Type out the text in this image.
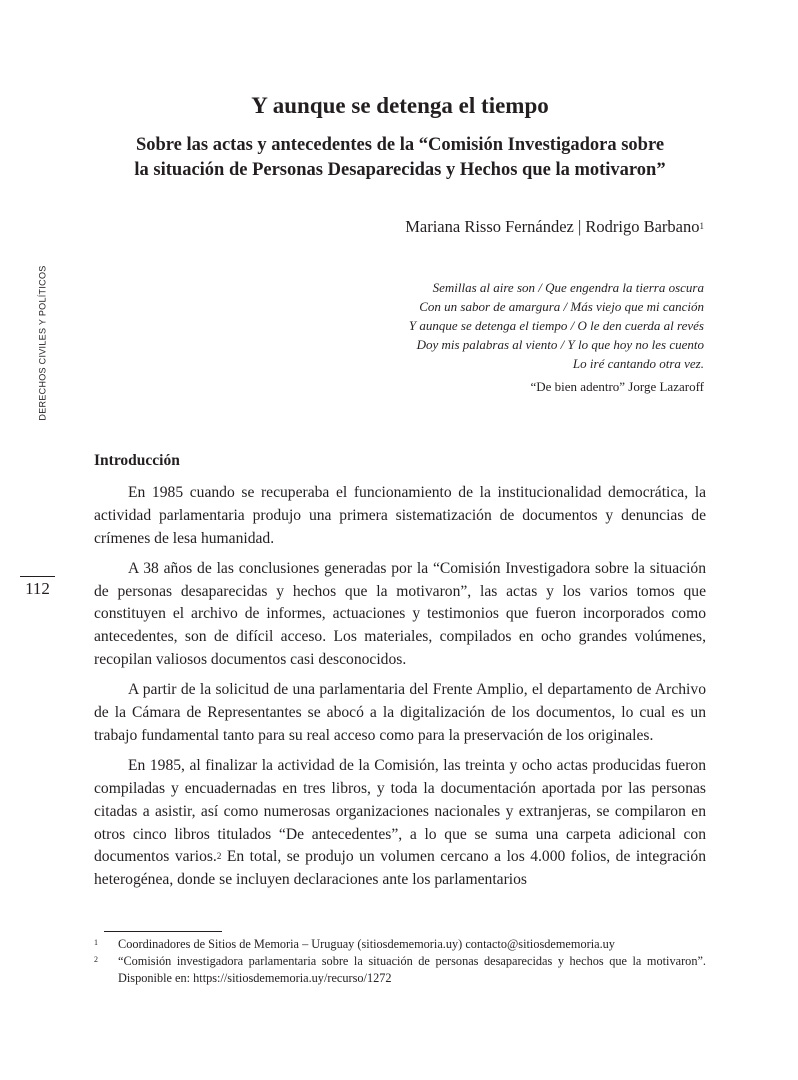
Y aunque se detenga el tiempo
Sobre las actas y antecedentes de la “Comisión Investigadora sobre
la situación de Personas Desaparecidas y Hechos que la motivaron”
Mariana Risso Fernández | Rodrigo Barbano$^1$
DERECHOS CIVILES Y POLÍTICOS
112
Semillas al aire son / Que engendra la tierra oscura
Con un sabor de amargura / Más viejo que mi canción
Y aunque se detenga el tiempo / O le den cuerda al revés
Doy mis palabras al viento / Y lo que hoy no les cuento
Lo iré cantando otra vez.
“De bien adentro” Jorge Lazaroff
Introducción

En 1985 cuando se recuperaba el funcionamiento de la institucionalidad democrática, la actividad parlamentaria produjo una primera sistematización de documentos y denuncias de crímenes de lesa humanidad.

A 38 años de las conclusiones generadas por la “Comisión Investigadora sobre la situación de personas desaparecidas y hechos que la motivaron”, las actas y los varios tomos que constituyen el archivo de informes, actuaciones y testimonios que fueron incorporados como antecedentes, son de difícil acceso. Los materiales, compilados en ocho grandes volúmenes, recopilan valiosos documentos casi desconocidos.

A partir de la solicitud de una parlamentaria del Frente Amplio, el departamento de Archivo de la Cámara de Representantes se abocó a la digitalización de los documentos, lo cual es un trabajo fundamental tanto para su real acceso como para la preservación de los originales.

En 1985, al finalizar la actividad de la Comisión, las treinta y ocho actas producidas fueron compiladas y encuadernadas en tres libros, y toda la documentación aportada por las personas citadas a asistir, así como numerosas organizaciones nacionales y extranjeras, se compilaron en otros cinco libros titulados “De antecedentes”, a lo que se suma una carpeta adicional con documentos varios.$^2$ En total, se produjo un volumen cercano a los 4.000 folios, de integración heterogénea, donde se incluyen declaraciones ante los parlamentarios

1 Coordinadores de Sitios de Memoria – Uruguay (sitiosdememoria.uy) contacto@sitiosdememoria.uy
2 “Comisión investigadora parlamentaria sobre la situación de personas desaparecidas y hechos que la motivaron”. Disponible en: https://sitiosdememoria.uy/recurso/1272
